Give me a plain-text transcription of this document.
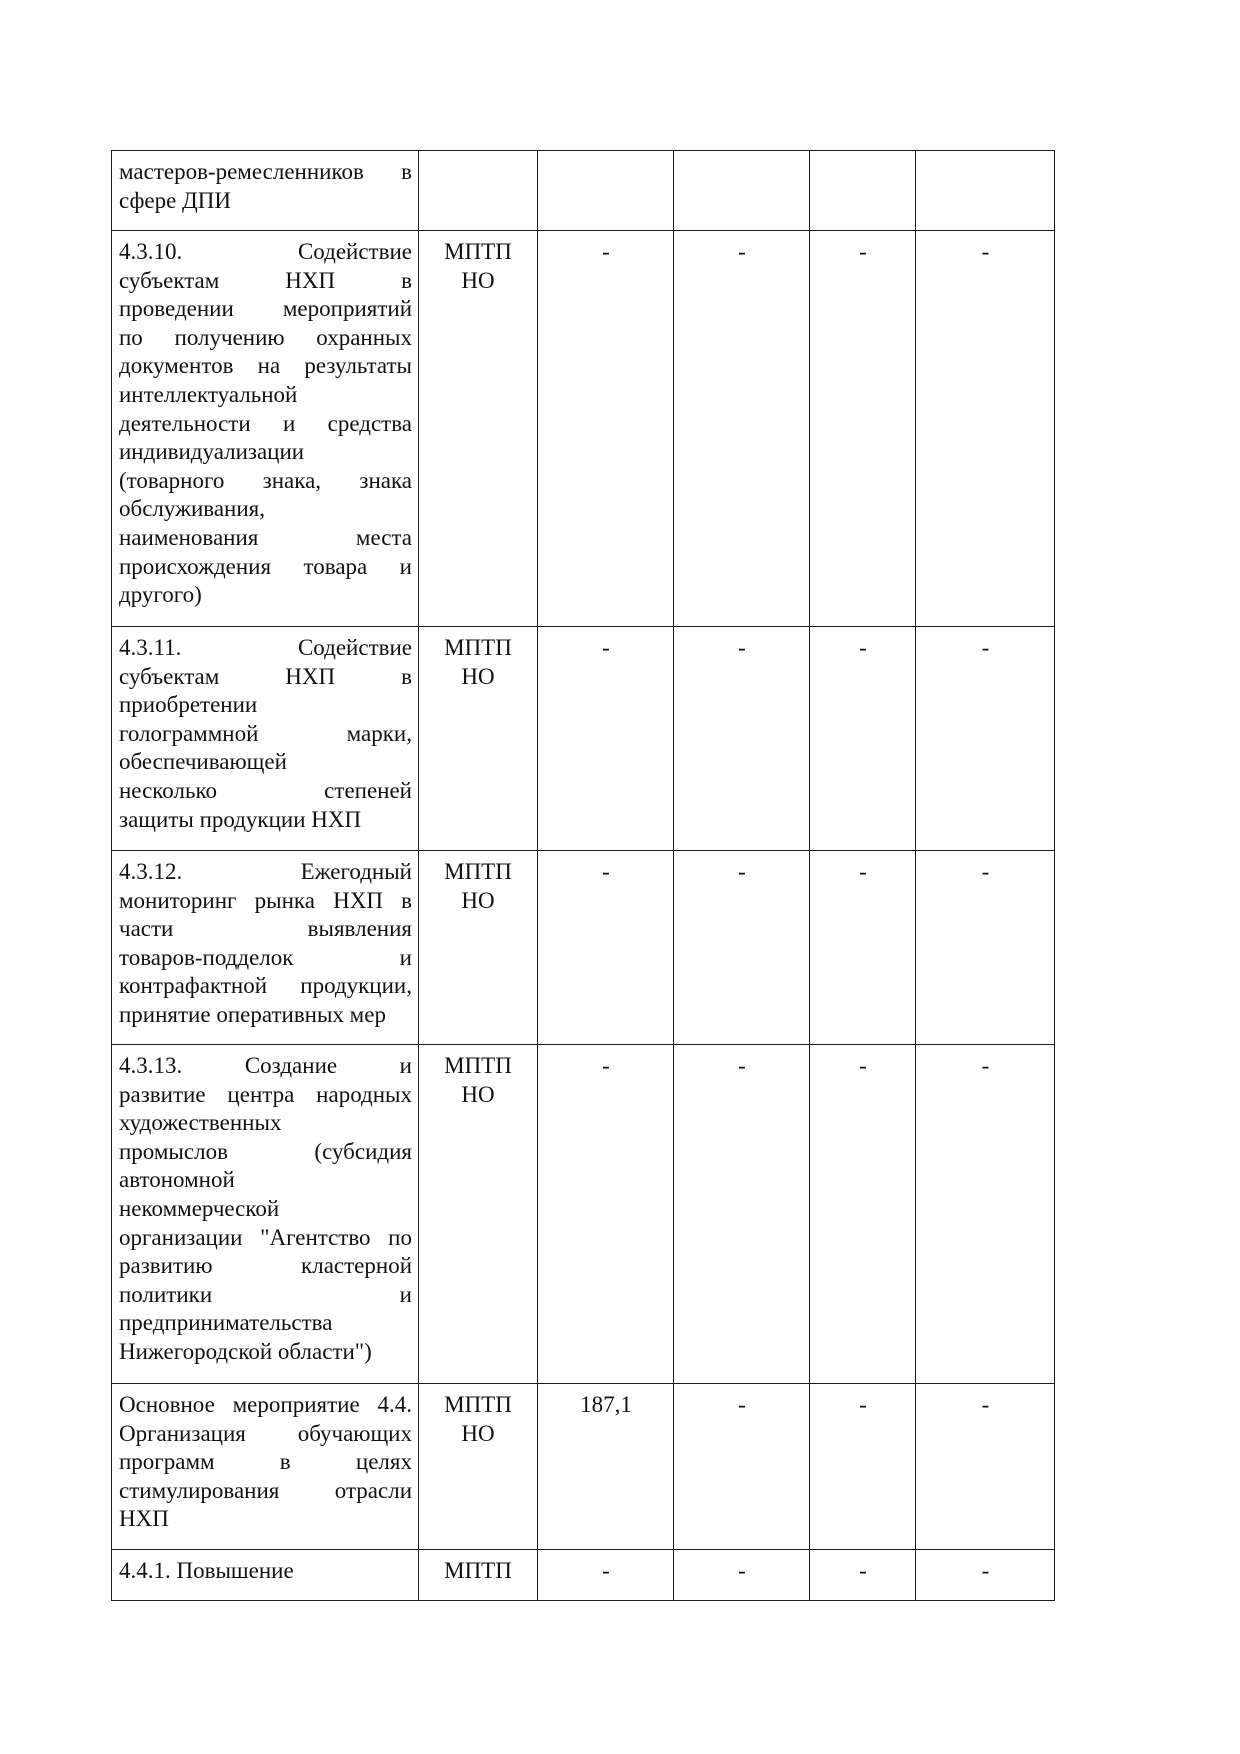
мастеров-ремесленников в
сфере ДПИ					

4.3.10. Содействие
субъектам НХП в
проведении мероприятий
по получению охранных
документов на результаты
интеллектуальной
деятельности и средства
индивидуализации
(товарного знака, знака
обслуживания,
наименования места
происхождения товара и
другого)
	МПТП НО	-	-	-	-

4.3.11. Содействие
субъектам НХП в
приобретении
голограммной марки,
обеспечивающей
несколько степеней
защиты продукции НХП
	МПТП НО	-	-	-	-

4.3.12. Ежегодный
мониторинг рынка НХП в
части выявления
товаров-подделок и
контрафактной продукции,
принятие оперативных мер
	МПТП НО	-	-	-	-

4.3.13. Создание и
развитие центра народных
художественных
промыслов (субсидия
автономной
некоммерческой
организации "Агентство по
развитию кластерной
политики и
предпринимательства
Нижегородской области")
	МПТП НО	-	-	-	-

Основное мероприятие 4.4.
Организация обучающих
программ в целях
стимулирования отрасли
НХП	МПТП НО	187,1	-	-	-

4.4.1. Повышение	МПТП	-	-	-	-
